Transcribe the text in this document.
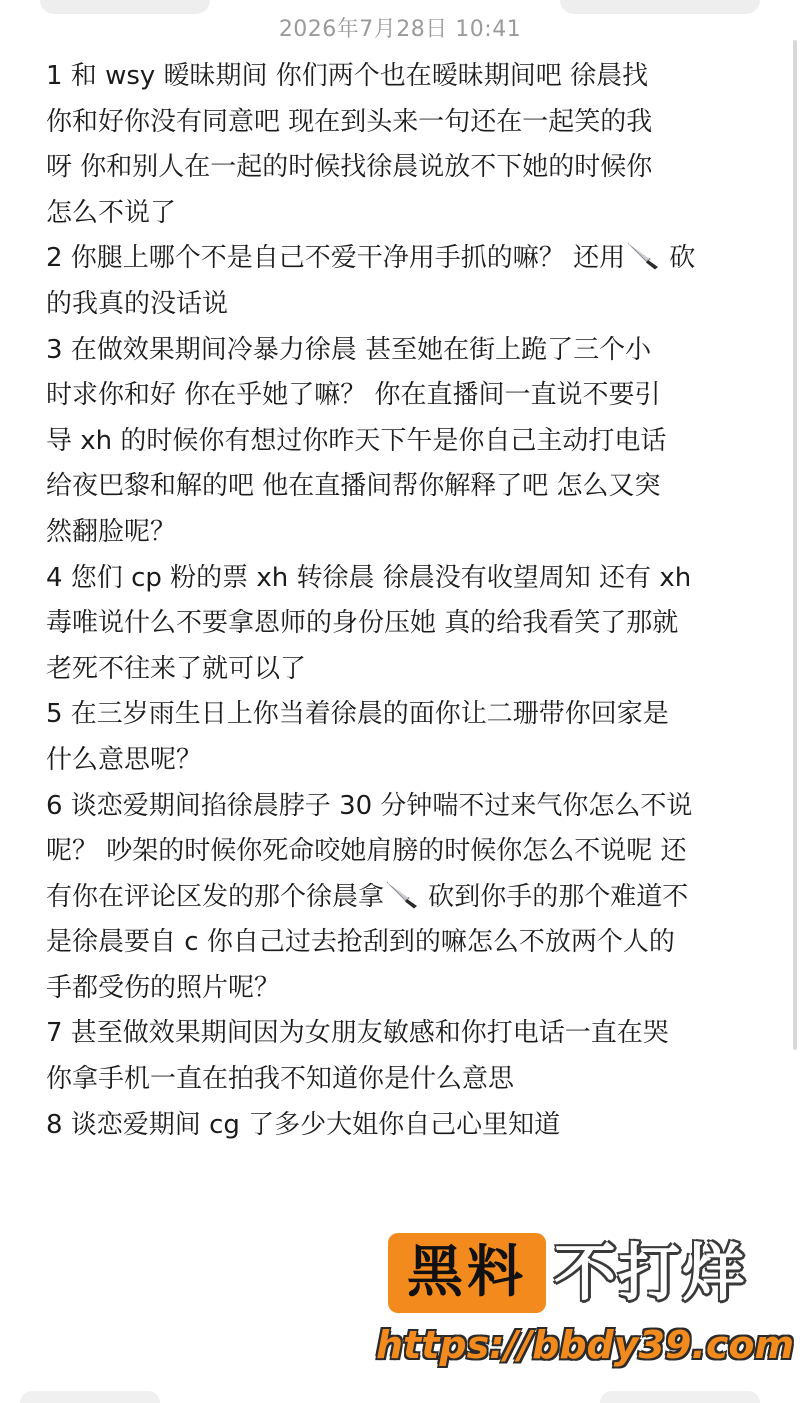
2026年7月28日 10:41
1 和 wsy 暧昧期间 你们两个也在暧昧期间吧 徐晨找
你和好你没有同意吧 现在到头来一句还在一起笑的我
呀 你和别人在一起的时候找徐晨说放不下她的时候你
怎么不说了
2 你腿上哪个不是自己不爱干净用手抓的嘛？ 还用 砍
的我真的没话说
3 在做效果期间冷暴力徐晨 甚至她在街上跪了三个小
时求你和好 你在乎她了嘛？ 你在直播间一直说不要引
导 xh 的时候你有想过你昨天下午是你自己主动打电话
给夜巴黎和解的吧 他在直播间帮你解释了吧 怎么又突
然翻脸呢？
4 您们 cp 粉的票 xh 转徐晨 徐晨没有收望周知 还有 xh
毒唯说什么不要拿恩师的身份压她 真的给我看笑了那就
老死不往来了就可以了
5 在三岁雨生日上你当着徐晨的面你让二珊带你回家是
什么意思呢？
6 谈恋爱期间掐徐晨脖子 30 分钟喘不过来气你怎么不说
呢？ 吵架的时候你死命咬她肩膀的时候你怎么不说呢 还
有你在评论区发的那个徐晨拿 砍到你手的那个难道不
是徐晨要自 c 你自己过去抢刮到的嘛怎么不放两个人的
手都受伤的照片呢？
7 甚至做效果期间因为女朋友敏感和你打电话一直在哭
你拿手机一直在拍我不知道你是什么意思
8 谈恋爱期间 cg 了多少大姐你自己心里知道
黑料 不打烊
https://bbdy39.com
